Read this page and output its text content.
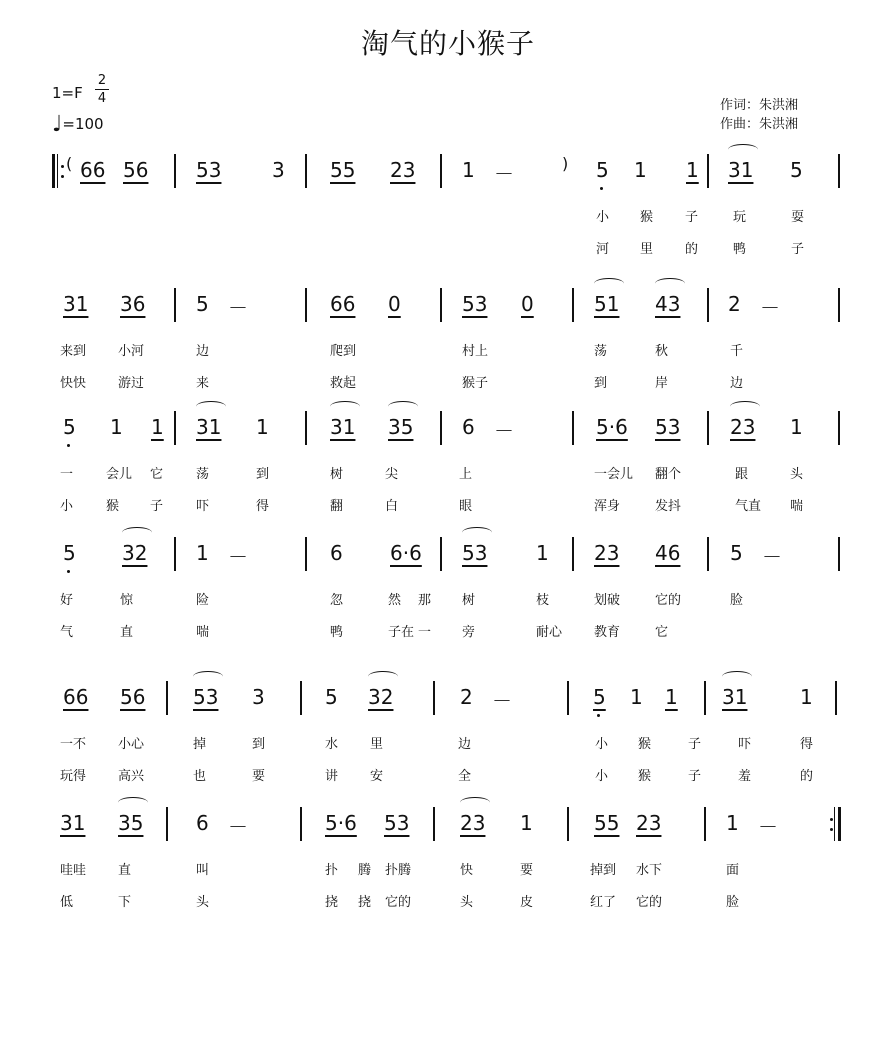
淘气的小猴子
1=F
2
4
♩=100
作词：朱洪湘
作曲：朱洪湘
66 56 53	3 55 23 1 －	5 1 1 31 5
小 猴 子	玩	耍
河 里 的	鸭	子
(	)
31 36	5 －	66 0	53 0	51 43 2 －
来到 小河	边	爬到	村上	荡	秋	千
快快 游过	来	救起	猴子	到	岸	边
5 1 1 31 1	31 35 6 －	5·6 53 23 1
一	会儿 它	荡	到	树	尖	上	一会儿 翻个	跟	头
小	猴 子	吓	得	翻	白	眼	浑身	发抖	气直 喘
5 32 1 －	6 6·6 53 1 23 46 5 －
好	惊	险	忽	然 那 树	枝	划破	它的	脸
气	直	喘	鸭	子在 一 旁	耐心 教育	它
66 56 53 3	5 32	2 －	5 1 1 31	1
一不 小心	掉	到	水 里	边	小 猴	子	吓	得
玩得 高兴	也	要	讲 安	全	小 猴	子	羞	的
31 35	6 －	5·6 53	23 1	55 23	1 －
哇哇 直	叫	扑 腾 扑腾	快	要	掉到 水下	面
低	下	头	挠 挠 它的	头	皮	红了 它的	脸
